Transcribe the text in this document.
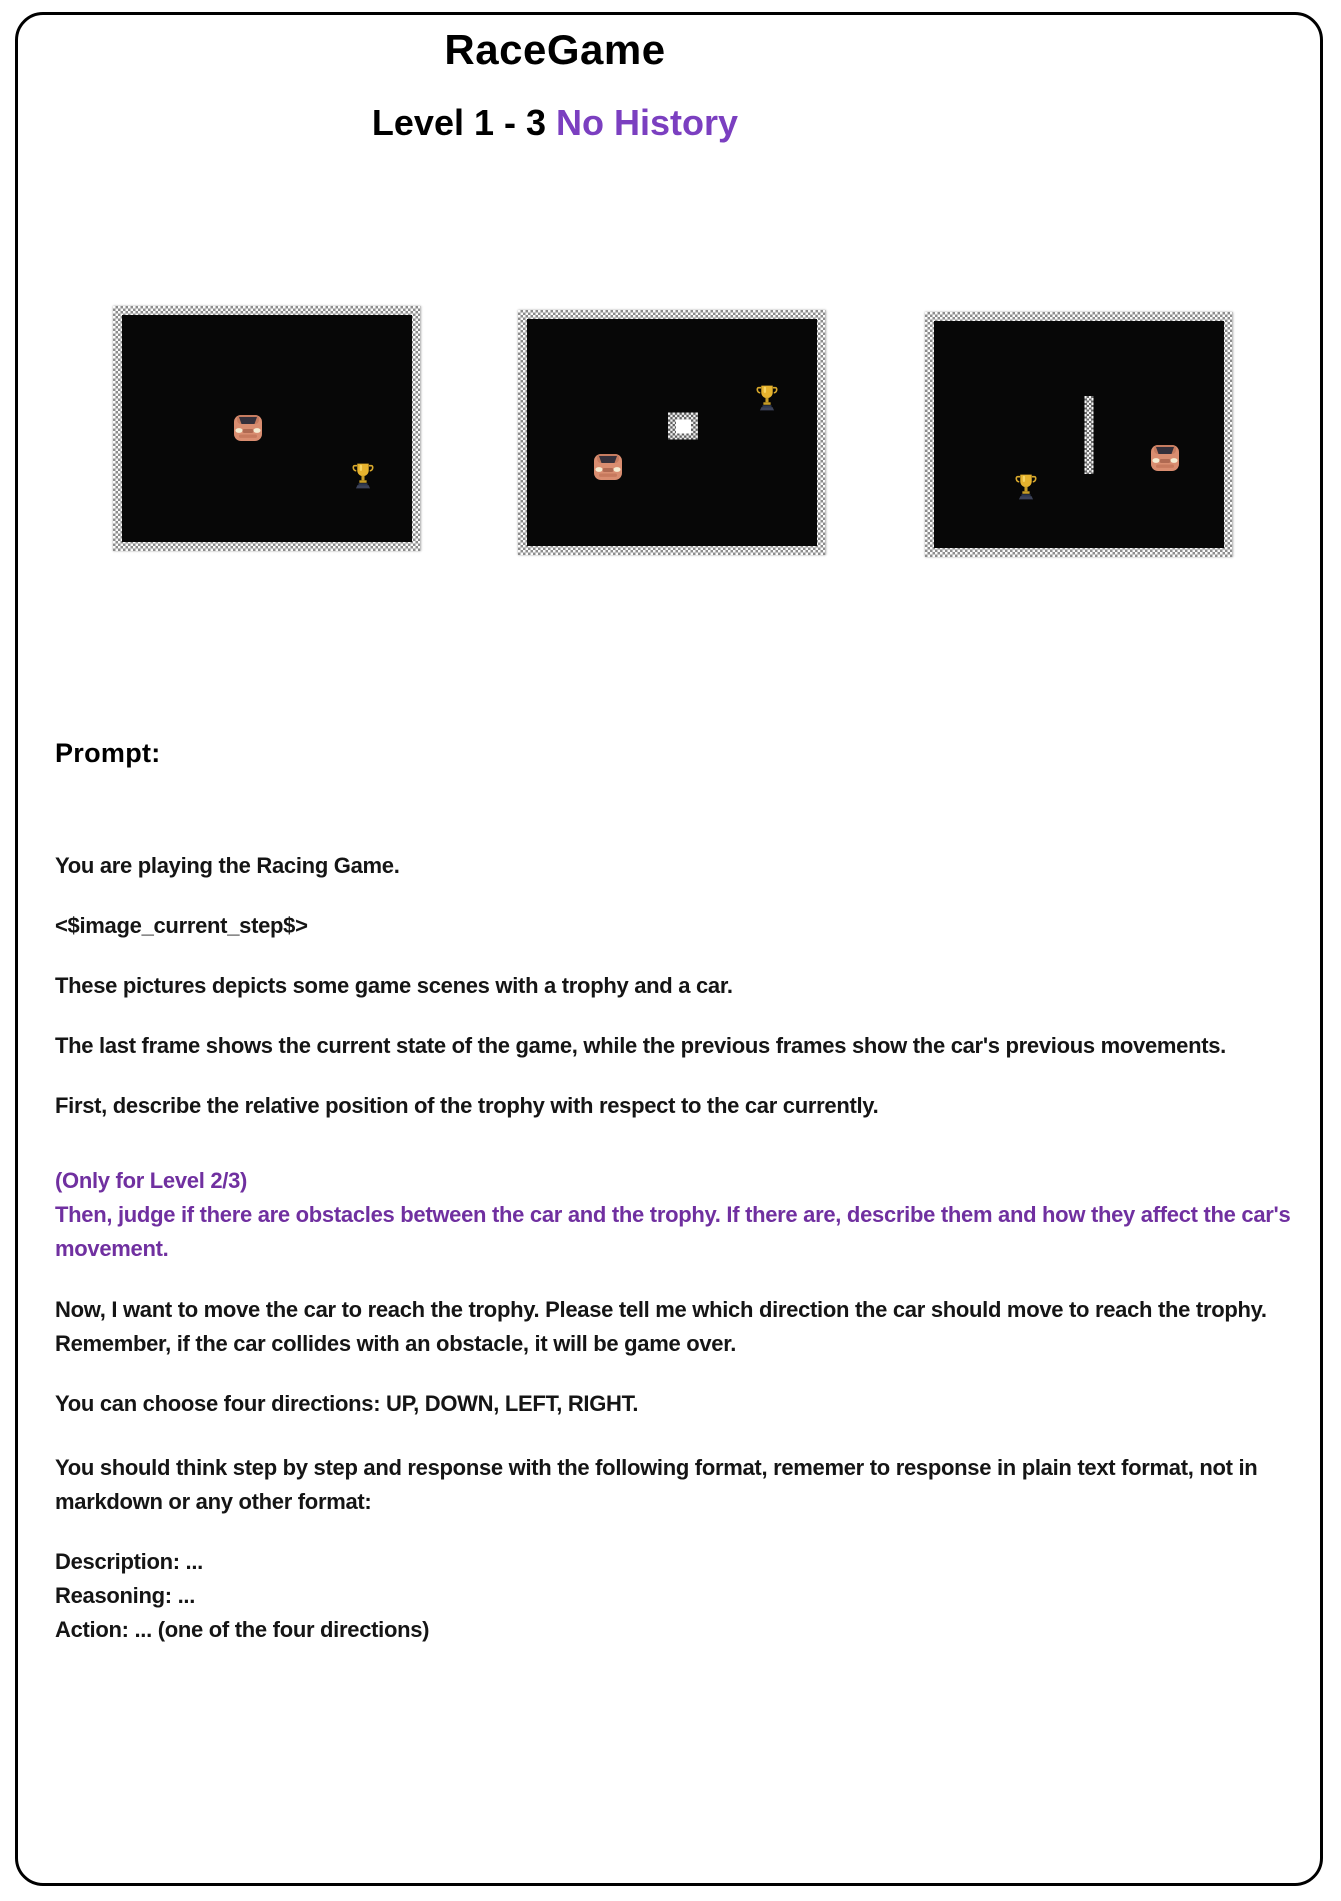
RaceGame
Level 1 - 3 No History
Prompt:

You are playing the Racing Game.

<$image_current_step$>

These pictures depicts some game scenes with a trophy and a car.

The last frame shows the current state of the game, while the previous frames show the car's previous movements.

First, describe the relative position of the trophy with respect to the car currently.

(Only for Level 2/3)

Then, judge if there are obstacles between the car and the trophy. If there are, describe them and how they affect the car's movement.

Now, I want to move the car to reach the trophy. Please tell me which direction the car should move to reach the trophy. Remember, if the car collides with an obstacle, it will be game over.

You can choose four directions: UP, DOWN, LEFT, RIGHT.

You should think step by step and response with the following format, rememer to response in plain text format, not in markdown or any other format:

Description: ...

Reasoning: ...

Action: ... (one of the four directions)
